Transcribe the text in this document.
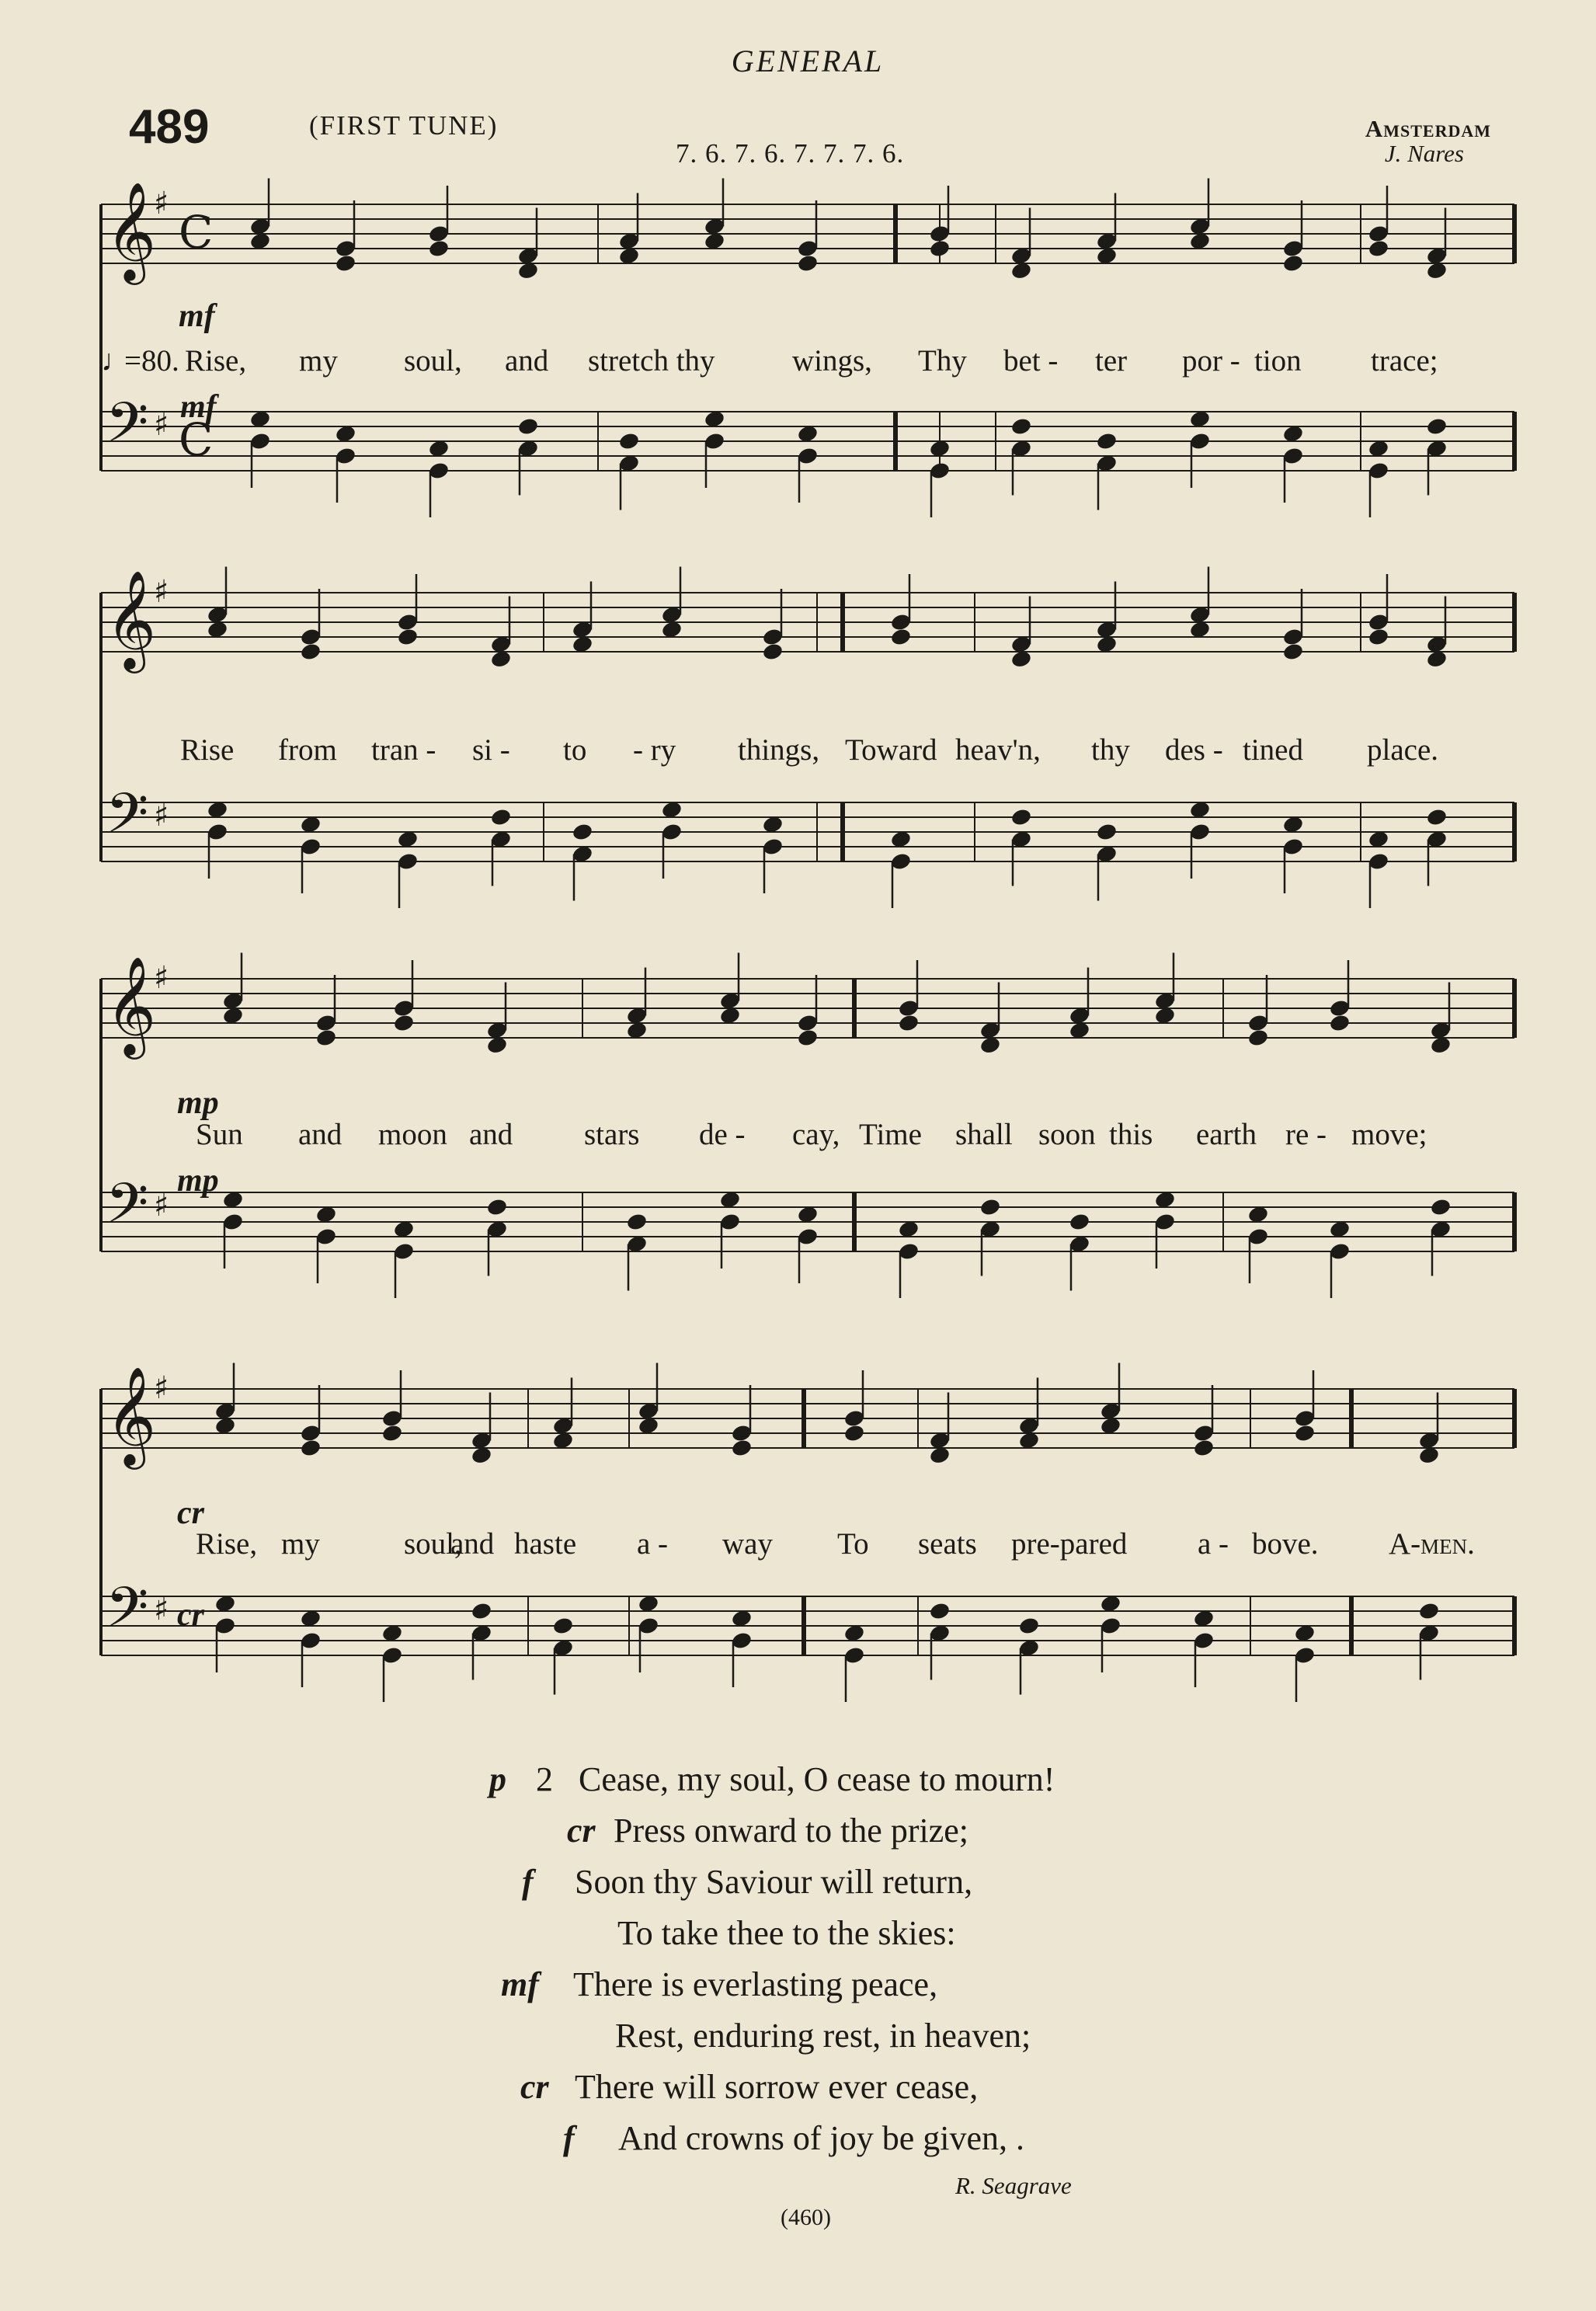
GENERAL
489	(FIRST TUNE)
7. 6. 7. 6. 7. 7. 7. 6.
Amsterdam
J. Nares
𝄞
♯
C
𝄢 ♯ C
𝄞
♯
𝄢 ♯
𝄞
♯
𝄢 ♯
𝄞
♯
𝄢 ♯
Rise, my soul, and stretch thy	wings, Thy bet - ter por - tion trace;
Rise from tran - si - to - ry things, Toward heav'n, thy des - tined place.
Sun and moon and stars de - cay, Time shall soon this earth re - move;
Rise, my	soul,
and haste a - way To seats pre-pared a - bove. A-men.
♩
=80.
mf
mf
mp
mp
cr
cr
p 2 Cease, my soul, O cease to mourn!
cr Press onward to the prize;
f Soon thy Saviour will return,
To take thee to the skies:
mf There is everlasting peace,
Rest, enduring rest, in heaven;
cr There will sorrow ever cease,
f And crowns of joy be given, .
R. Seagrave
(460)
